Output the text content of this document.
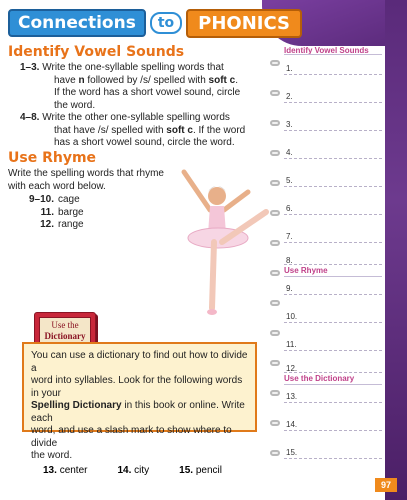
Connections	to	PHONICS
Identify Vowel Sounds
1–3. Write the one-syllable spelling words that
have n followed by /s/ spelled with soft c.
If the word has a short vowel sound, circle
the word.
4–8. Write the other one-syllable spelling words
that have /s/ spelled with soft c. If the word
has a short vowel sound, circle the word.
Use Rhyme
Write the spelling words that rhyme
with each word below.
9–10. cage
11. barge
12. range
Use the
Dictionary
You can use a dictionary to find out how to divide a
word into syllables. Look for the following words in your
Spelling Dictionary in this book or online. Write each
word, and use a slash mark to show where to divide
the word.
13. center	14. city	15. pencil
Identify Vowel Sounds
1.
2.
3.
4.
5.
6.
7.
8.
Use Rhyme
9.
10.
11.
12.
Use the Dictionary
13.
14.
15.
97
